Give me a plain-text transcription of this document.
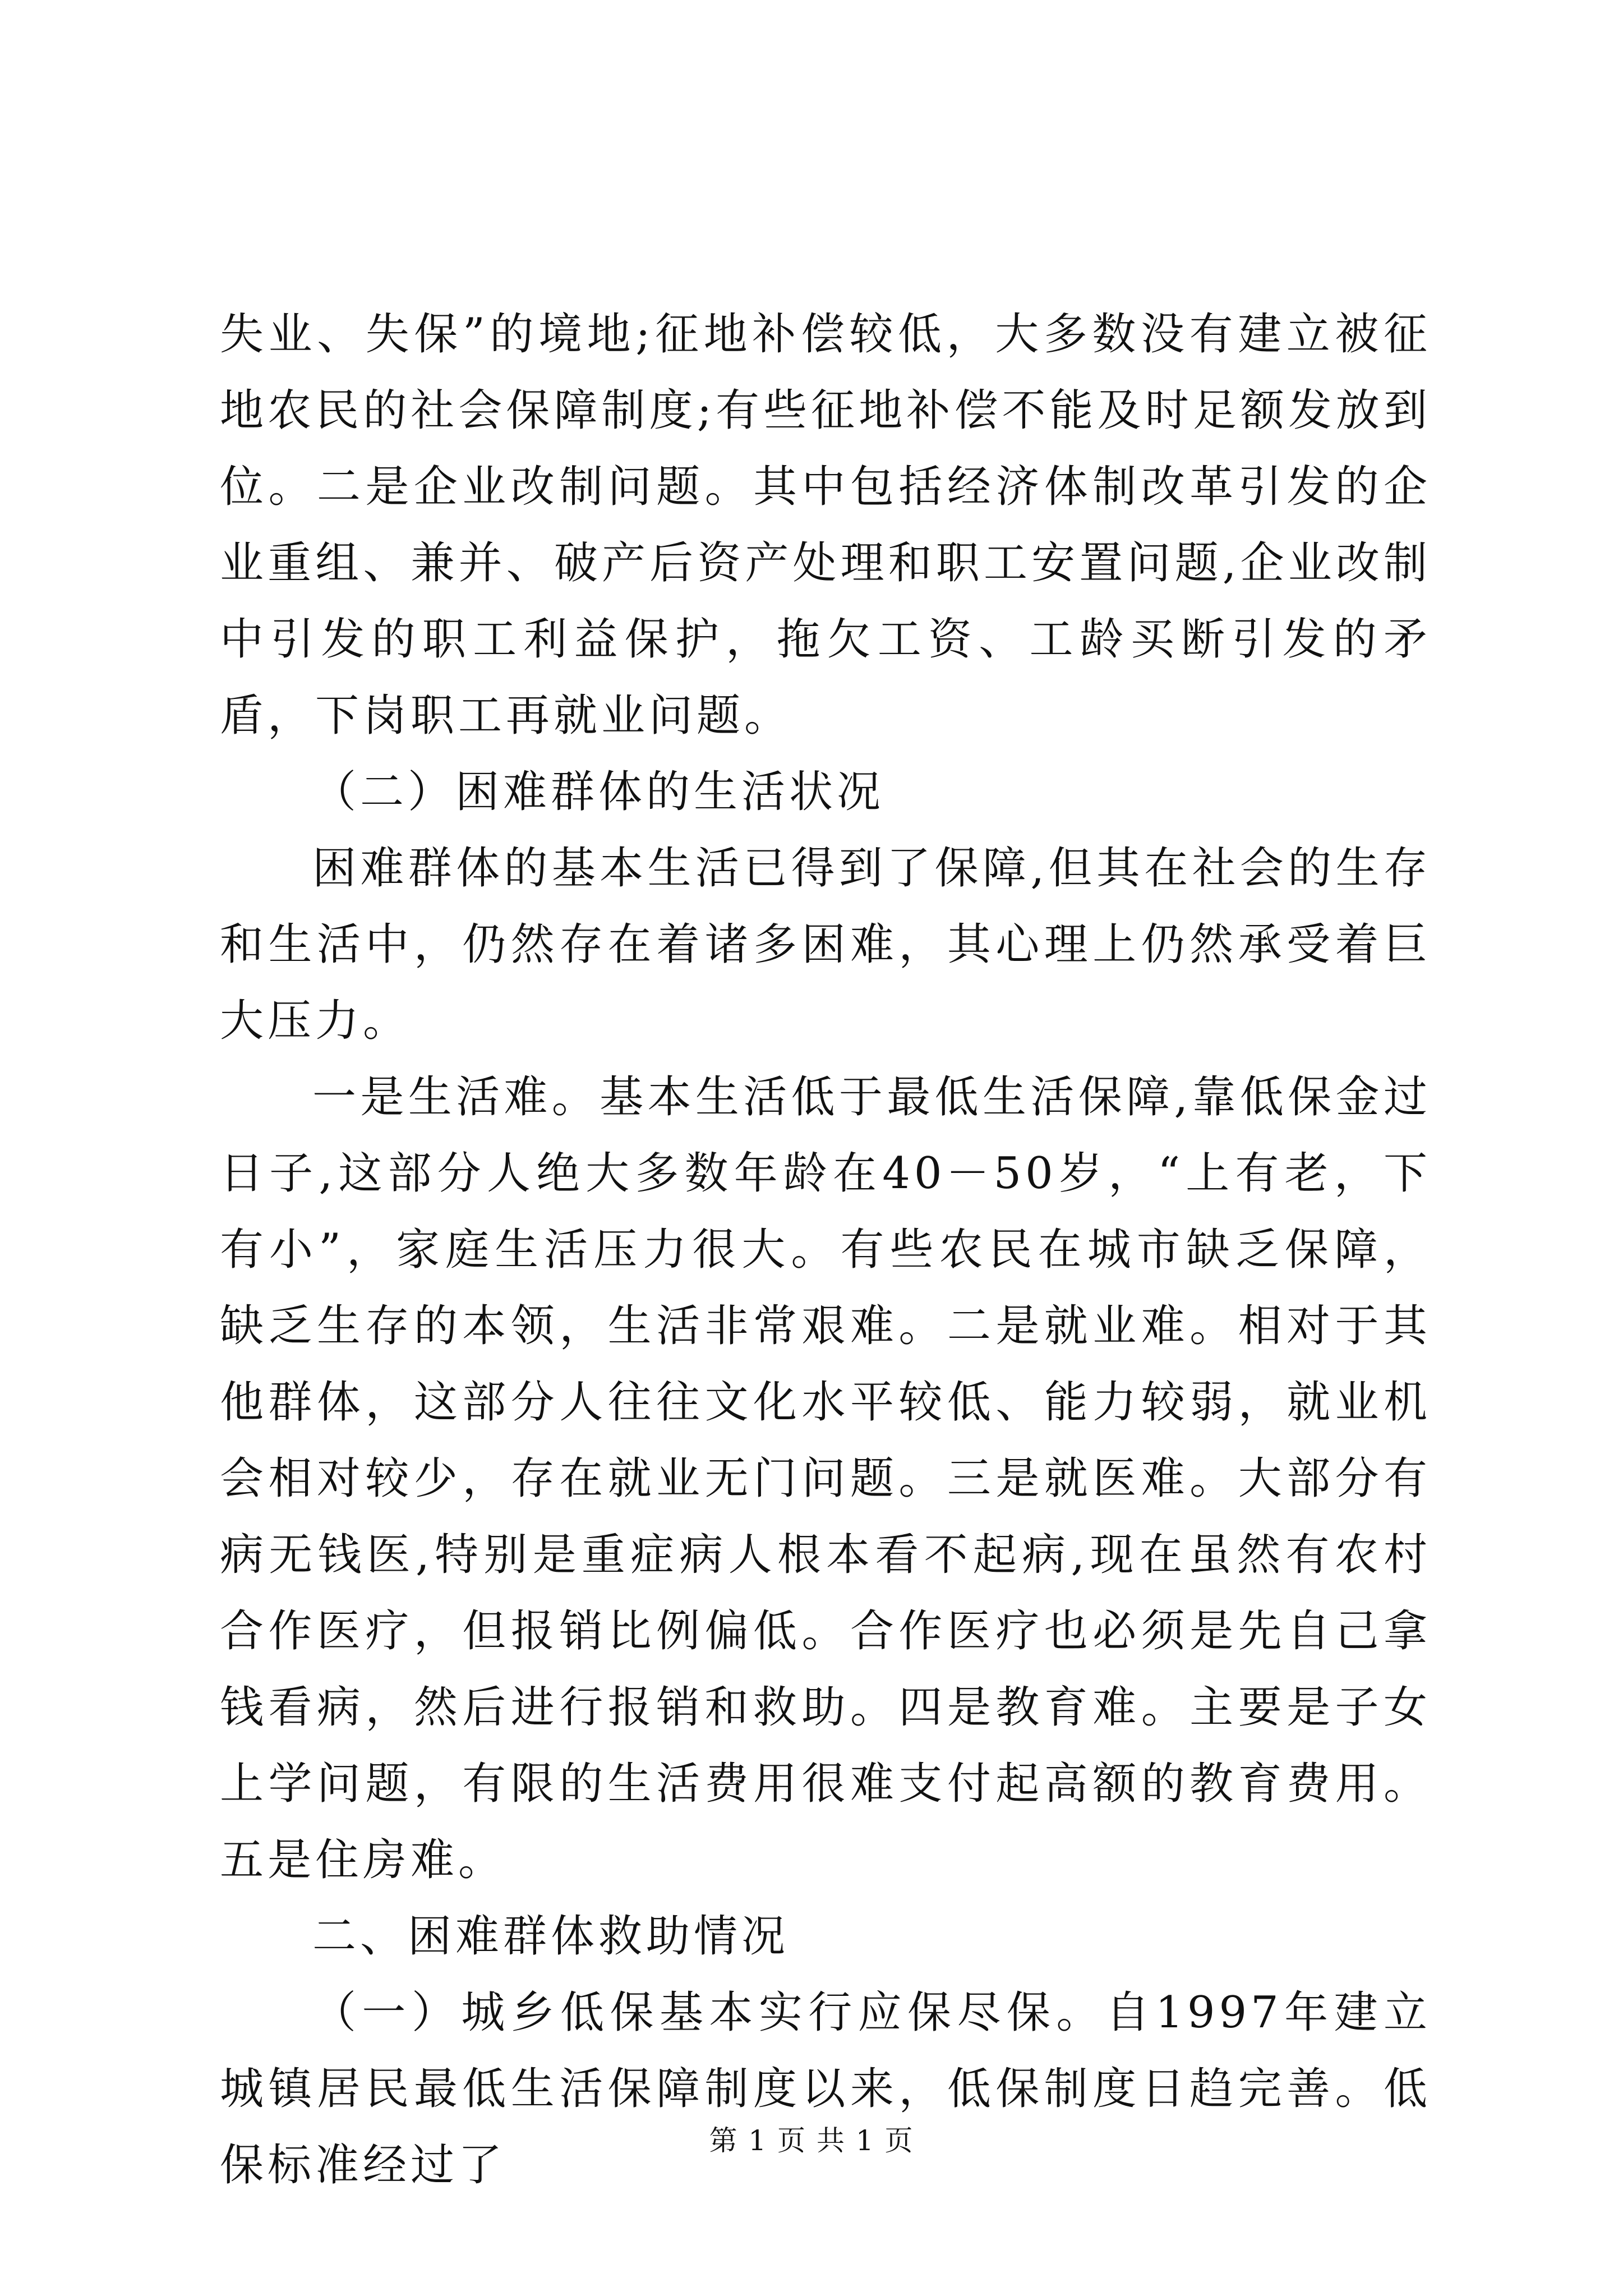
失业、失保”的境地;征地补偿较低，大多数没有建立被征地农民的社会保障制度;有些征地补偿不能及时足额发放到位。二是企业改制问题。其中包括经济体制改革引发的企业重组、兼并、破产后资产处理和职工安置问题,企业改制中引发的职工利益保护，拖欠工资、工龄买断引发的矛盾，下岗职工再就业问题。

（二）困难群体的生活状况

困难群体的基本生活已得到了保障,但其在社会的生存和生活中，仍然存在着诸多困难，其心理上仍然承受着巨大压力。

一是生活难。基本生活低于最低生活保障,靠低保金过日子,这部分人绝大多数年龄在40－50岁，“上有老，下有小”，家庭生活压力很大。有些农民在城市缺乏保障，缺乏生存的本领，生活非常艰难。二是就业难。相对于其他群体，这部分人往往文化水平较低、能力较弱，就业机会相对较少，存在就业无门问题。三是就医难。大部分有病无钱医,特别是重症病人根本看不起病,现在虽然有农村合作医疗，但报销比例偏低。合作医疗也必须是先自己拿钱看病，然后进行报销和救助。四是教育难。主要是子女上学问题，有限的生活费用很难支付起高额的教育费用。五是住房难。

二、困难群体救助情况

（一）城乡低保基本实行应保尽保。自1997年建立城镇居民最低生活保障制度以来，低保制度日趋完善。低保标准经过了	第 1 页 共 1 页
